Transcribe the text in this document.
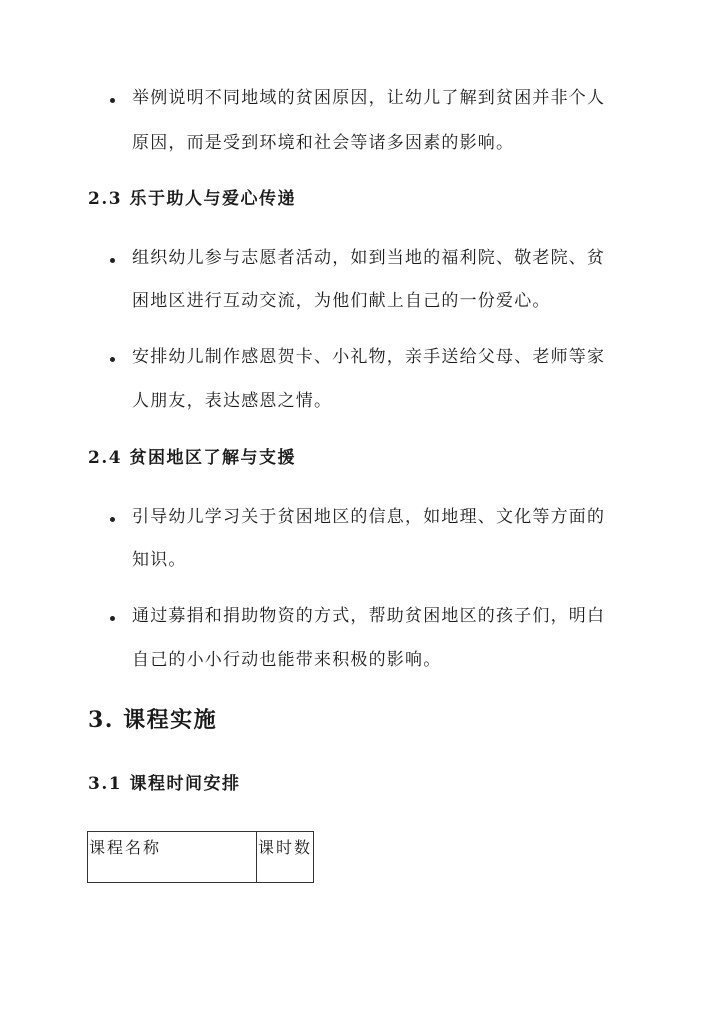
举例说明不同地域的贫困原因，让幼儿了解到贫困并非个人
原因，而是受到环境和社会等诸多因素的影响。
2.3 乐于助人与爱心传递
组织幼儿参与志愿者活动，如到当地的福利院、敬老院、贫
困地区进行互动交流，为他们献上自己的一份爱心。
安排幼儿制作感恩贺卡、小礼物，亲手送给父母、老师等家
人朋友，表达感恩之情。
2.4 贫困地区了解与支援
引导幼儿学习关于贫困地区的信息，如地理、文化等方面的
知识。
通过募捐和捐助物资的方式，帮助贫困地区的孩子们，明白
自己的小小行动也能带来积极的影响。
3. 课程实施
3.1 课程时间安排
课程名称	课时数
